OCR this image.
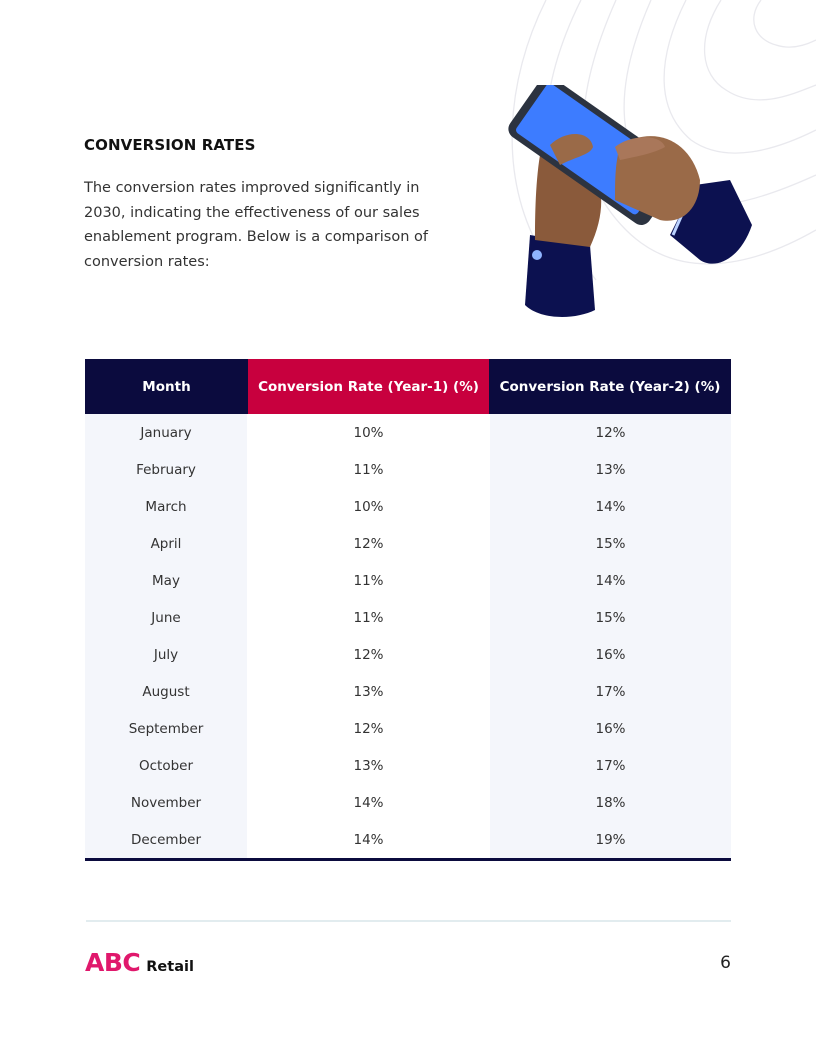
CONVERSION RATES
The conversion rates improved significantly in 2030, indicating the effectiveness of our sales enablement program. Below is a comparison of conversion rates:
Month	Conversion Rate (Year-1) (%)	Conversion Rate (Year-2) (%)
January	10%	12%
February	11%	13%
March	10%	14%
April	12%	15%
May	11%	14%
June	11%	15%
July	12%	16%
August	13%	17%
September	12%	16%
October	13%	17%
November	14%	18%
December	14%	19%
ABC Retail	6
